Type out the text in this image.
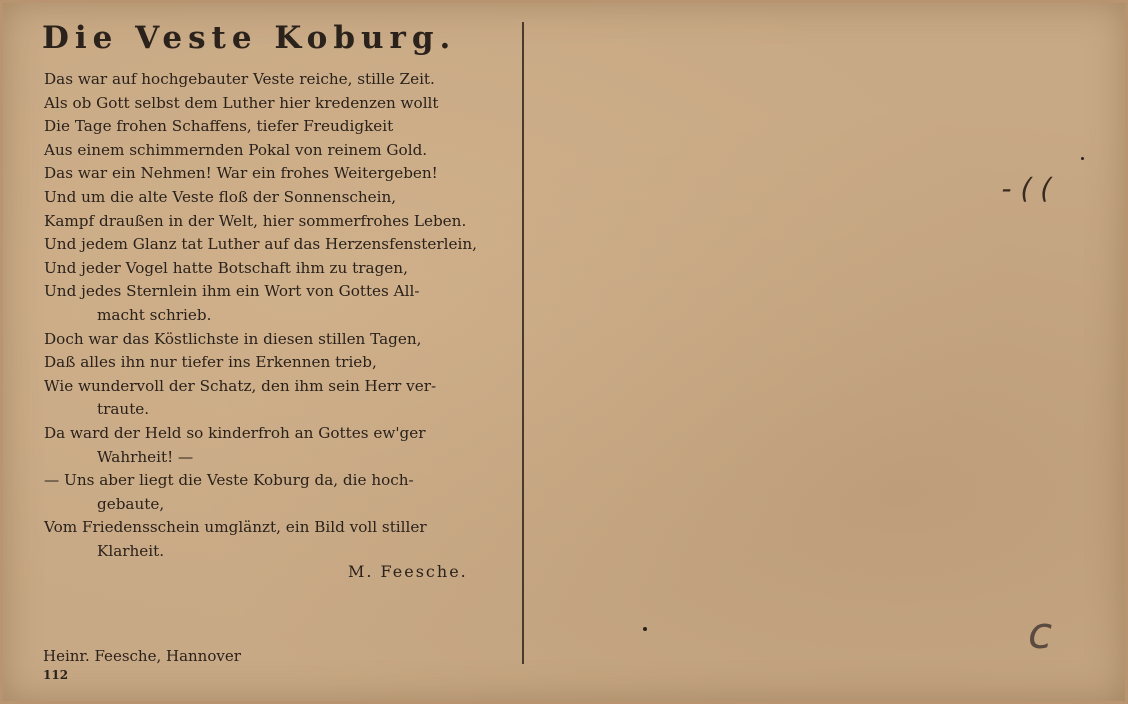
Die Veste Koburg.
Das war auf hochgebauter Veste reiche, stille Zeit.
Als ob Gott selbst dem Luther hier kredenzen wollt
Die Tage frohen Schaffens, tiefer Freudigkeit
Aus einem schimmernden Pokal von reinem Gold.
Das war ein Nehmen! War ein frohes Weitergeben!
Und um die alte Veste floß der Sonnenschein,
Kampf draußen in der Welt, hier sommerfrohes Leben.
Und jedem Glanz tat Luther auf das Herzensfensterlein,
Und jeder Vogel hatte Botschaft ihm zu tragen,
Und jedes Sternlein ihm ein Wort von Gottes All-
macht schrieb.
Doch war das Köstlichste in diesen stillen Tagen,
Daß alles ihn nur tiefer ins Erkennen trieb,
Wie wundervoll der Schatz, den ihm sein Herr ver-
traute.
Da ward der Held so kinderfroh an Gottes ew'ger
Wahrheit! —
— Uns aber liegt die Veste Koburg da, die hoch-
gebaute,
Vom Friedensschein umglänzt, ein Bild voll stiller
Klarheit.
M. Feesche.
Heinr. Feesche, Hannover
112
- ( (
c
